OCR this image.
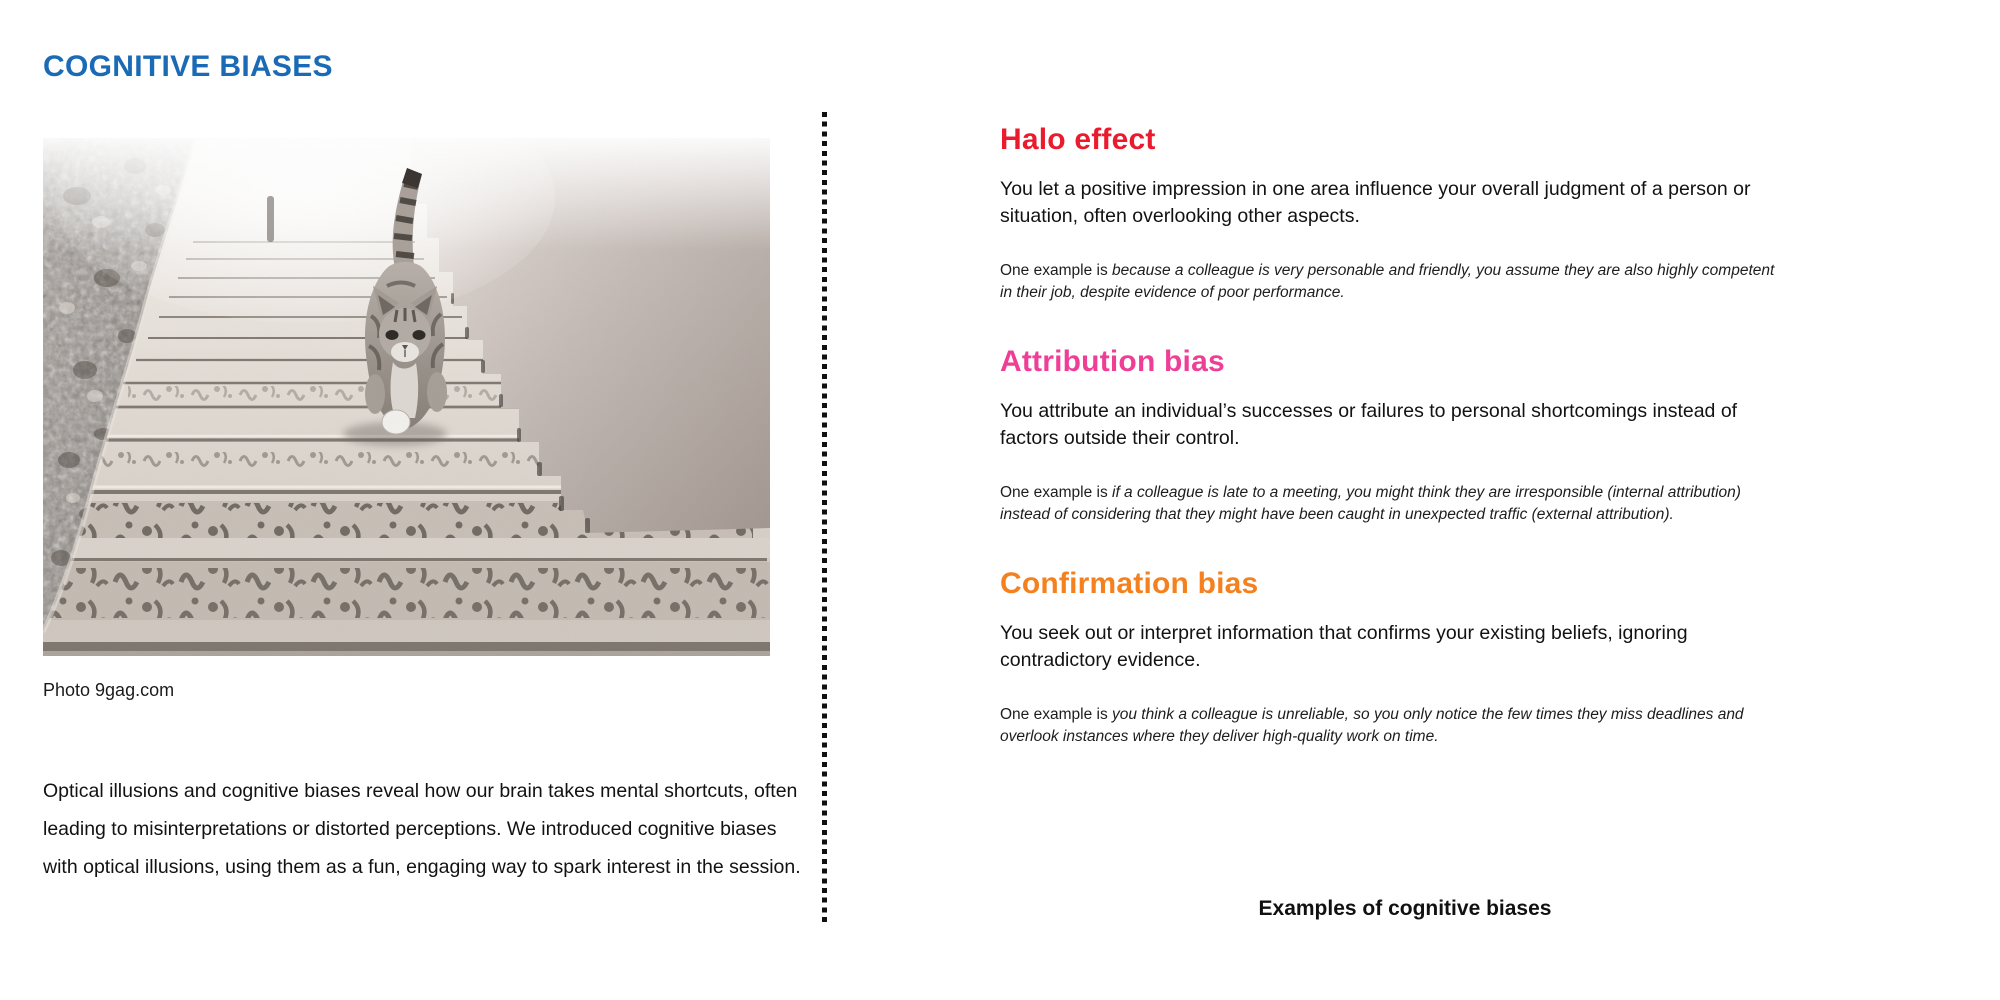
COGNITIVE BIASES

Photo 9gag.com

Optical illusions and cognitive biases reveal how our brain takes mental shortcuts, often leading to misinterpretations or distorted perceptions. We introduced cognitive biases with optical illusions, using them as a fun, engaging way to spark interest in the session.

Halo effect

You let a positive impression in one area influence your overall judgment of a person or situation, often overlooking other aspects.

One example is because a colleague is very personable and friendly, you assume they are also highly competent in their job, despite evidence of poor performance.

Attribution bias

You attribute an individual’s successes or failures to personal shortcomings instead of factors outside their control.

One example is if a colleague is late to a meeting, you might think they are irresponsible (internal attribution) instead of considering that they might have been caught in unexpected traffic (external attribution).

Confirmation bias

You seek out or interpret information that confirms your existing beliefs, ignoring contradictory evidence.

One example is you think a colleague is unreliable, so you only notice the few times they miss deadlines and overlook instances where they deliver high-quality work on time.

Examples of cognitive biases
